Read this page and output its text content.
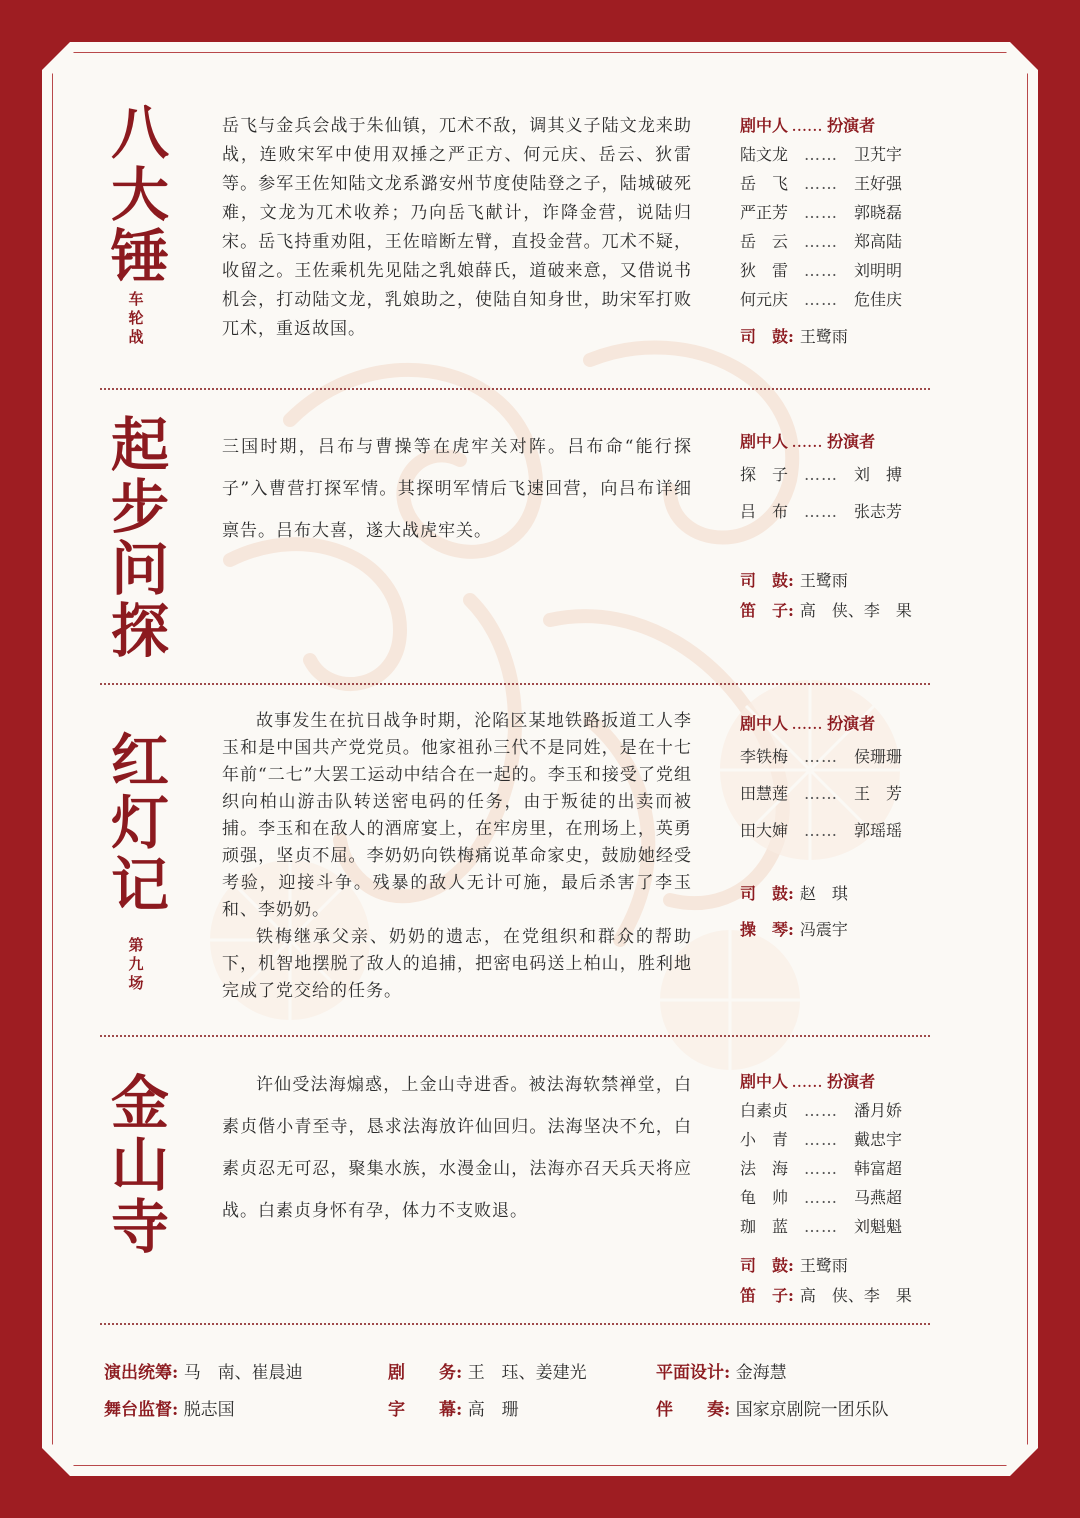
八
大
锤
车
轮
战

岳飞与金兵会战于朱仙镇，兀术不敌，调其义子陆文龙来助战，连败宋军中使用双捶之严正方、何元庆、岳云、狄雷等。参军王佐知陆文龙系潞安州节度使陆登之子，陆城破死难，文龙为兀术收养；乃向岳飞献计，诈降金营，说陆归宋。岳飞持重劝阻，王佐暗断左臂，直投金营。兀术不疑，收留之。王佐乘机先见陆之乳娘薛氏，道破来意，又借说书机会，打动陆文龙，乳娘助之，使陆自知身世，助宋军打败兀术，重返故国。

剧中人 ...... 扮演者
陆文龙 …… 卫艽宇
岳　飞 …… 王好强
严正芳 …… 郭晓磊
岳　云 …… 郑高陆
狄　雷 …… 刘明明
何元庆 …… 危佳庆
司　鼓: 王鹭雨
起
步
问
探

三国时期，吕布与曹操等在虎牢关对阵。吕布命“能行探子”入曹营打探军情。其探明军情后飞速回营，向吕布详细禀告。吕布大喜，遂大战虎牢关。

剧中人 ...... 扮演者
探　子 …… 刘　搏
吕　布 …… 张志芳
司　鼓: 王鹭雨
笛　子: 高　侠、李　果
红
灯
记
第
九
场

故事发生在抗日战争时期，沦陷区某地铁路扳道工人李玉和是中国共产党党员。他家祖孙三代不是同姓，是在十七年前“二七”大罢工运动中结合在一起的。李玉和接受了党组织向柏山游击队转送密电码的任务，由于叛徒的出卖而被捕。李玉和在敌人的酒席宴上，在牢房里，在刑场上，英勇顽强，坚贞不屈。李奶奶向铁梅痛说革命家史，鼓励她经受考验，迎接斗争。残暴的敌人无计可施，最后杀害了李玉和、李奶奶。

铁梅继承父亲、奶奶的遗志，在党组织和群众的帮助下，机智地摆脱了敌人的追捕，把密电码送上柏山，胜利地完成了党交给的任务。

剧中人 ...... 扮演者
李铁梅 …… 侯珊珊
田慧莲 …… 王　芳
田大婶 …… 郭瑶瑶
司　鼓: 赵　琪
操　琴: 冯震宇
金
山
寺

许仙受法海煽惑，上金山寺进香。被法海软禁禅堂，白素贞偕小青至寺，恳求法海放许仙回归。法海坚决不允，白素贞忍无可忍，聚集水族，水漫金山，法海亦召天兵天将应战。白素贞身怀有孕，体力不支败退。

剧中人 ...... 扮演者
白素贞 …… 潘月娇
小　青 …… 戴忠宇
法　海 …… 韩富超
龟　帅 …… 马燕超
珈　蓝 …… 刘魁魁
司　鼓: 王鹭雨
笛　子: 高　侠、李　果
演出统筹: 马　南、崔晨迪	剧　　务: 王　珏、姜建光	平面设计: 金海慧
舞台监督: 脱志国	字　　幕: 高　珊	伴　　奏: 国家京剧院一团乐队
